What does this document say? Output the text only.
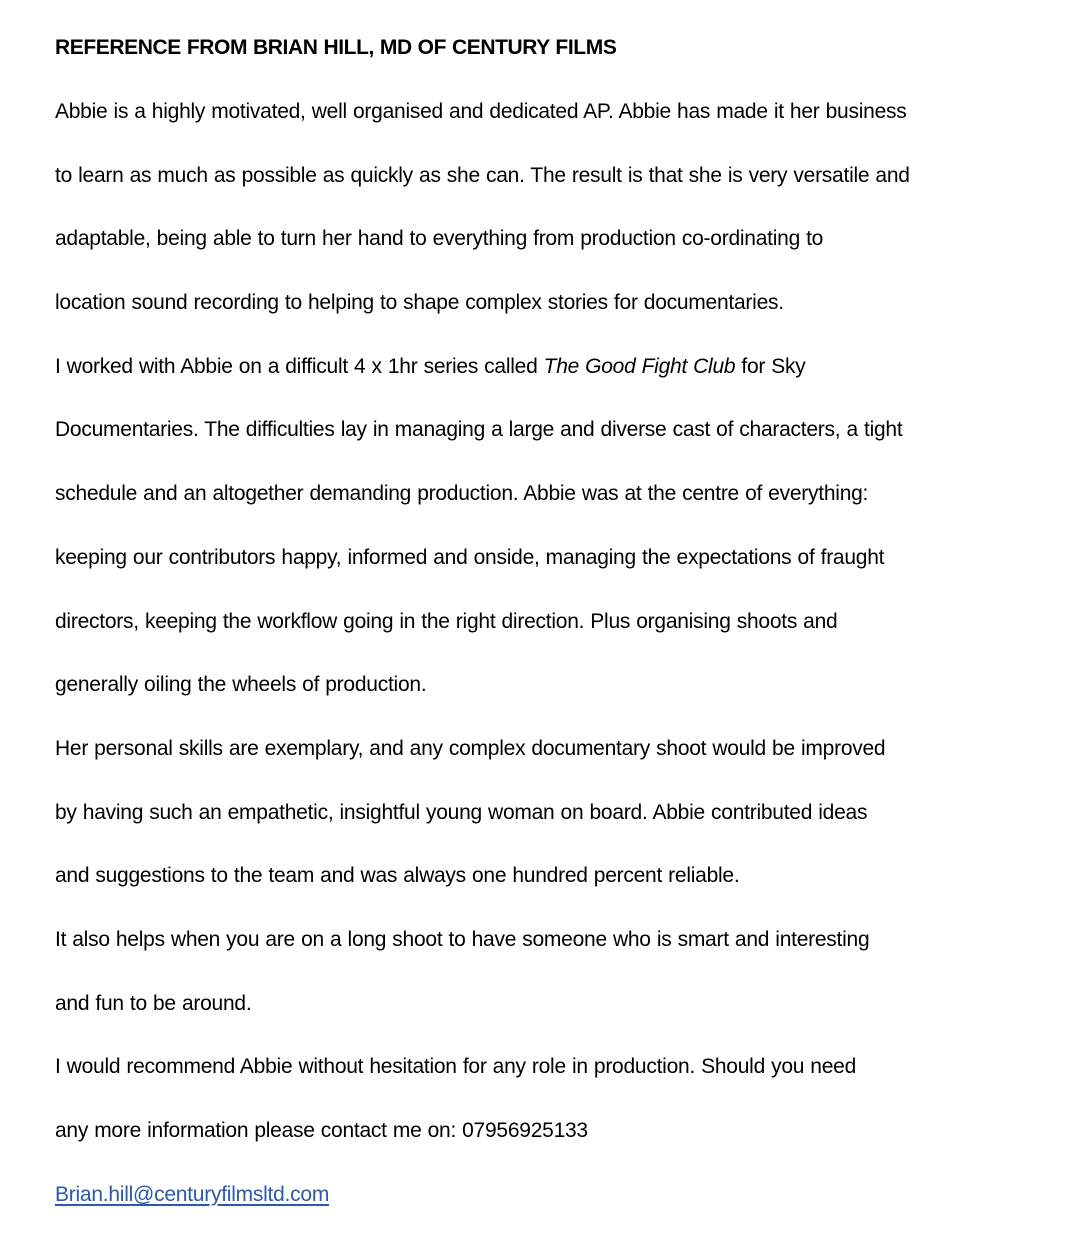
REFERENCE FROM BRIAN HILL, MD OF CENTURY FILMS

Abbie is a highly motivated, well organised and dedicated AP. Abbie has made it her business
to learn as much as possible as quickly as she can. The result is that she is very versatile and
adaptable, being able to turn her hand to everything from production co-ordinating to
location sound recording to helping to shape complex stories for documentaries.

I worked with Abbie on a difficult 4 x 1hr series called The Good Fight Club for Sky
Documentaries. The difficulties lay in managing a large and diverse cast of characters, a tight
schedule and an altogether demanding production. Abbie was at the centre of everything:
keeping our contributors happy, informed and onside, managing the expectations of fraught
directors, keeping the workflow going in the right direction. Plus organising shoots and
generally oiling the wheels of production.

Her personal skills are exemplary, and any complex documentary shoot would be improved
by having such an empathetic, insightful young woman on board. Abbie contributed ideas
and suggestions to the team and was always one hundred percent reliable.

It also helps when you are on a long shoot to have someone who is smart and interesting
and fun to be around.

I would recommend Abbie without hesitation for any role in production. Should you need
any more information please contact me on: 07956925133

Brian.hill@centuryfilmsltd.com
